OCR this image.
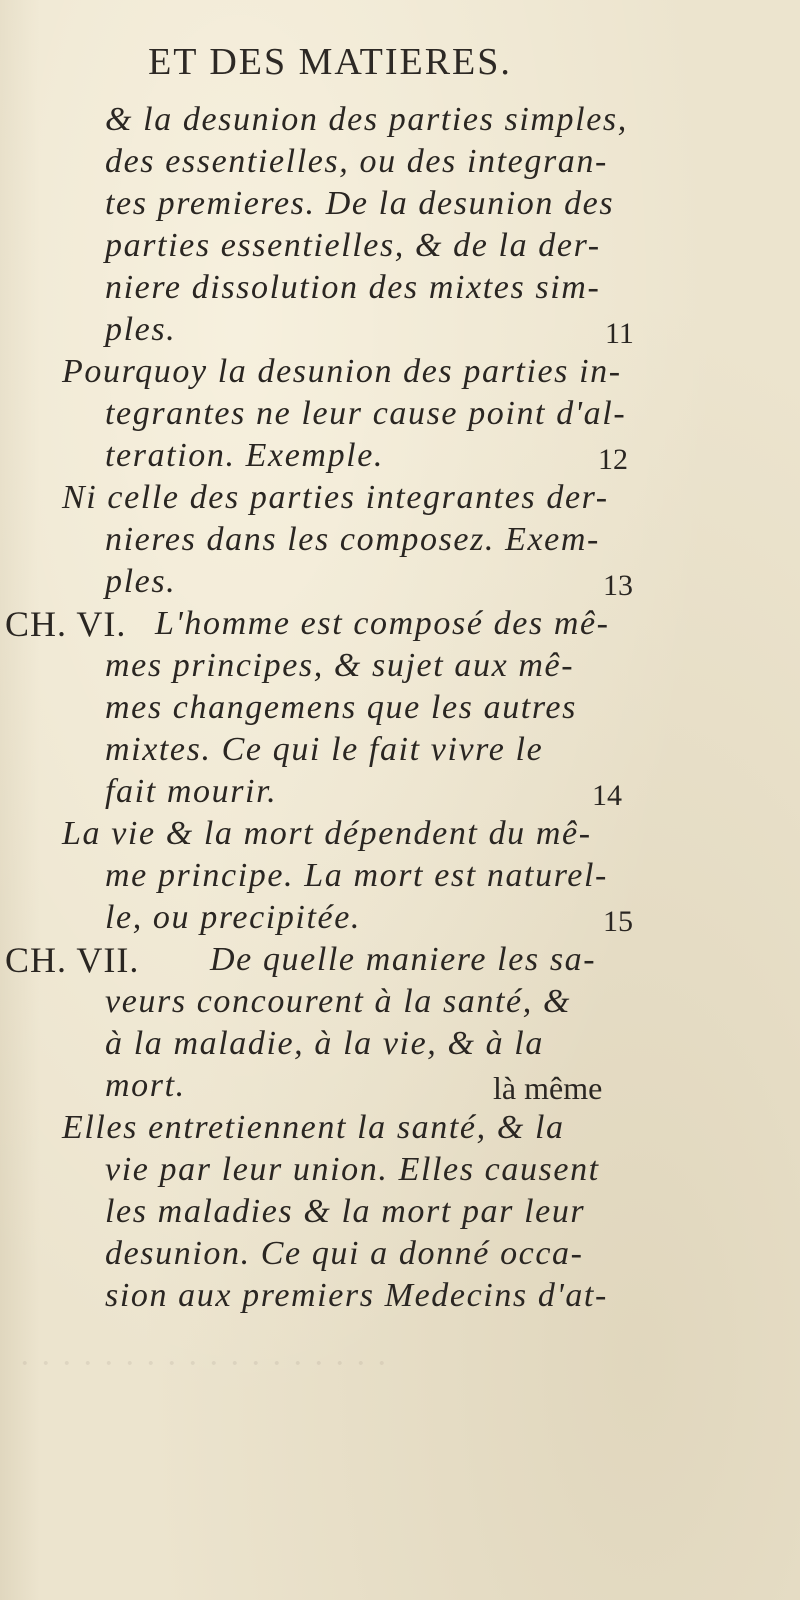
· · · · · · · · · · · · · · · · · ·
ET DES MATIERES.
& la desunion des parties simples,
des essentielles, ou des integran-
tes premieres. De la desunion des
parties essentielles, & de la der-
niere dissolution des mixtes sim-
ples.
Pourquoy la desunion des parties in-
tegrantes ne leur cause point d'al-
teration. Exemple.
Ni celle des parties integrantes der-
nieres dans les composez. Exem-
ples.
CH. VI. L'homme est composé des mê-
mes principes, & sujet aux mê-
mes changemens que les autres
mixtes. Ce qui le fait vivre le
fait mourir.
La vie & la mort dépendent du mê-
me principe. La mort est naturel-
le, ou precipitée.
CH. VII. De quelle maniere les sa-
veurs concourent à la santé, &
à la maladie, à la vie, & à la
mort.
Elles entretiennent la santé, & la
vie par leur union. Elles causent
les maladies & la mort par leur
desunion. Ce qui a donné occa-
sion aux premiers Medecins d'at-
11
12
13
14
15
là même
